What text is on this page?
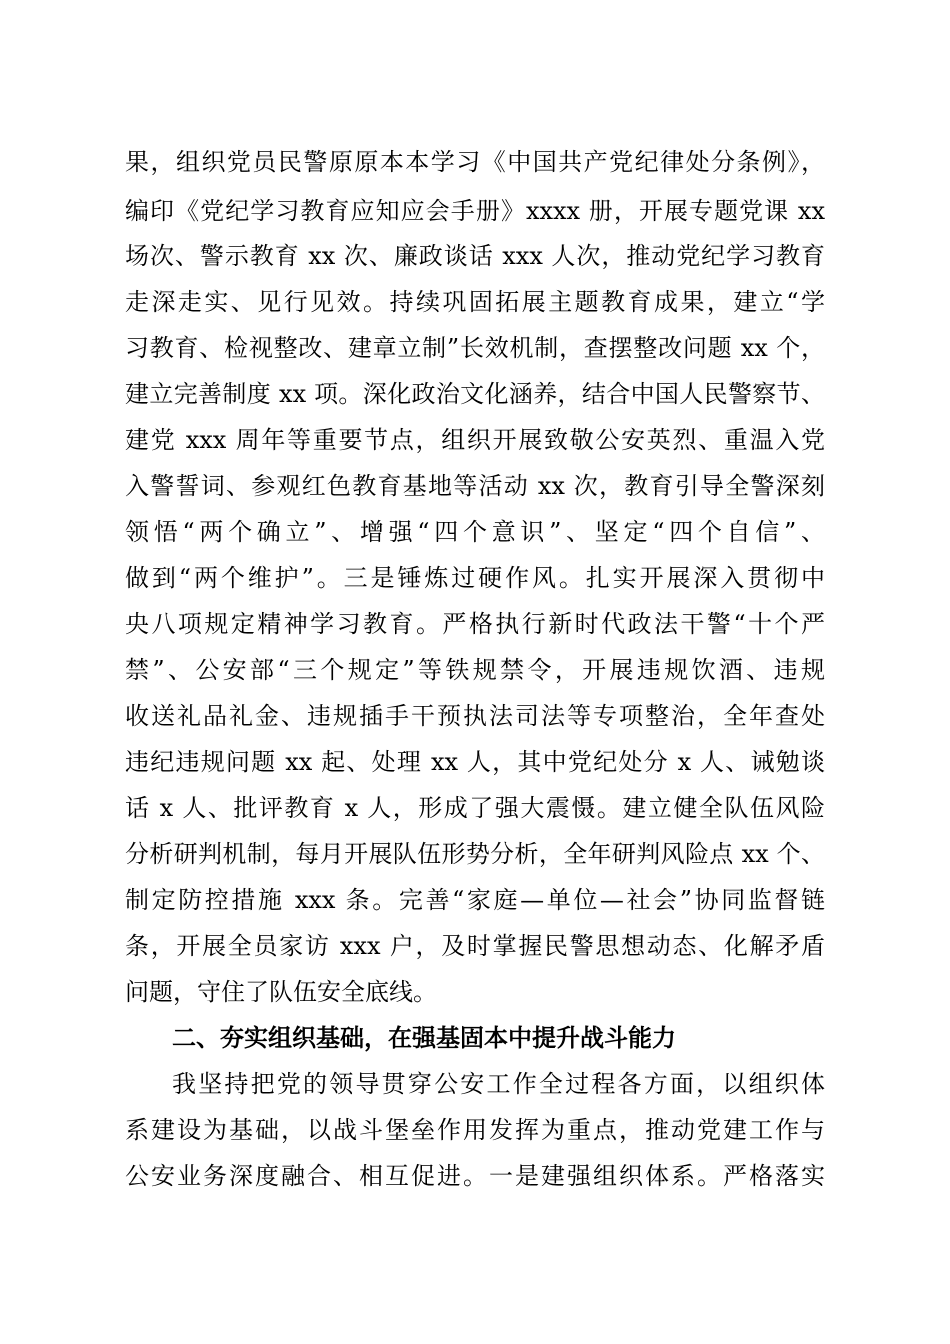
果，组织党员民警原原本本学习《中国共产党纪律处分条例》，
编印《党纪学习教育应知应会手册》xxxx 册，开展专题党课 xx
场次、警示教育 xx 次、廉政谈话 xxx 人次，推动党纪学习教育
走深走实、见行见效。持续巩固拓展主题教育成果，建立“学
习教育、检视整改、建章立制”长效机制，查摆整改问题 xx 个，
建立完善制度 xx 项。深化政治文化涵养，结合中国人民警察节、
建党 xxx 周年等重要节点，组织开展致敬公安英烈、重温入党
入警誓词、参观红色教育基地等活动 xx 次，教育引导全警深刻
领悟“两个确立”、增强“四个意识”、坚定“四个自信”、
做到“两个维护”。三是锤炼过硬作风。扎实开展深入贯彻中
央八项规定精神学习教育。严格执行新时代政法干警“十个严
禁”、公安部“三个规定”等铁规禁令，开展违规饮酒、违规
收送礼品礼金、违规插手干预执法司法等专项整治，全年查处
违纪违规问题 xx 起、处理 xx 人，其中党纪处分 x 人、诫勉谈
话 x 人、批评教育 x 人，形成了强大震慑。建立健全队伍风险
分析研判机制，每月开展队伍形势分析，全年研判风险点 xx 个、
制定防控措施 xxx 条。完善“家庭—单位—社会”协同监督链
条，开展全员家访 xxx 户，及时掌握民警思想动态、化解矛盾
问题，守住了队伍安全底线。
二、夯实组织基础，在强基固本中提升战斗能力
我坚持把党的领导贯穿公安工作全过程各方面，以组织体
系建设为基础，以战斗堡垒作用发挥为重点，推动党建工作与
公安业务深度融合、相互促进。一是建强组织体系。严格落实
